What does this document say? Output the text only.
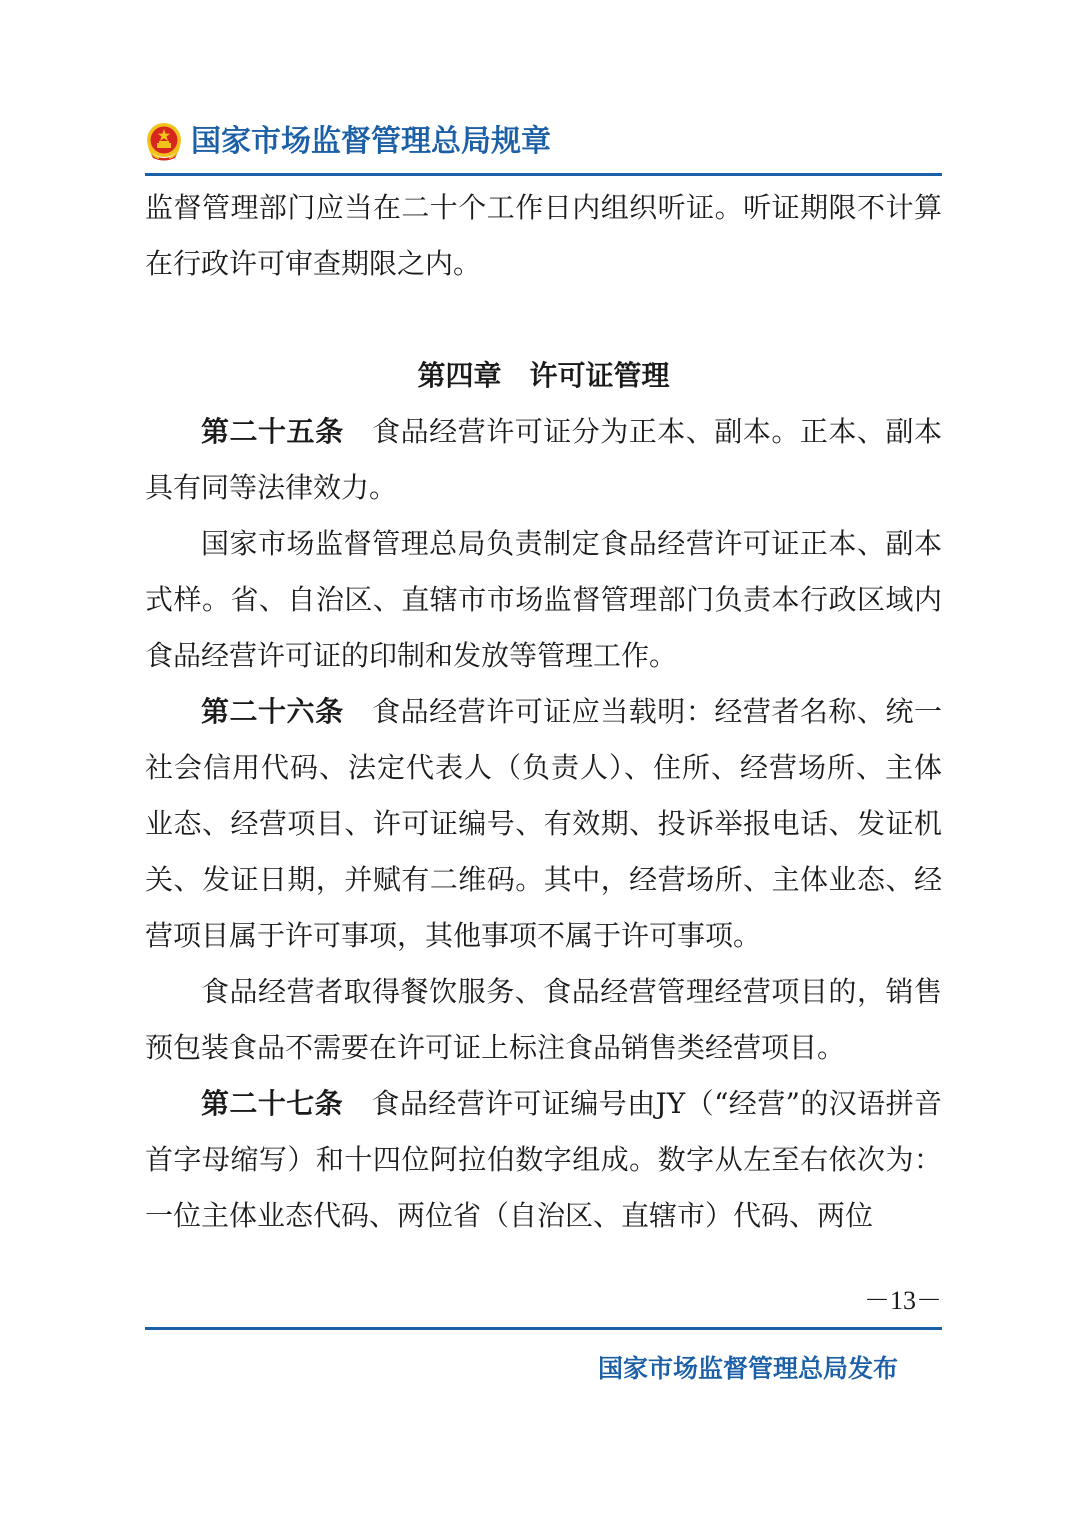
国家市场监督管理总局规章

监督管理部门应当在二十个工作日内组织听证。听证期限不计算在行政许可审查期限之内。

第四章　许可证管理

第二十五条　 食品经营许可证分为正本、副本。正本、副本具有同等法律效力。

国家市场监督管理总局负责制定食品经营许可证正本、副本式样。省、自治区、直辖市市场监督管理部门负责本行政区域内食品经营许可证的印制和发放等管理工作。

第二十六条　 食品经营许可证应当载明：经营者名称、统一社会信用代码、法定代表人（负责人）、住所、经营场所、主体业态、经营项目、许可证编号、有效期、投诉举报电话、发证机关、发证日期，并赋有二维码。其中，经营场所、主体业态、经营项目属于许可事项，其他事项不属于许可事项。

食品经营者取得餐饮服务、食品经营管理经营项目的，销售预包装食品不需要在许可证上标注食品销售类经营项目。

第二十七条　 食品经营许可证编号由JY（“经营”的汉语拼音首字母缩写）和十四位阿拉伯数字组成。数字从左至右依次为：一位主体业态代码、两位省（自治区、直辖市）代码、两位

－13－
国家市场监督管理总局发布
